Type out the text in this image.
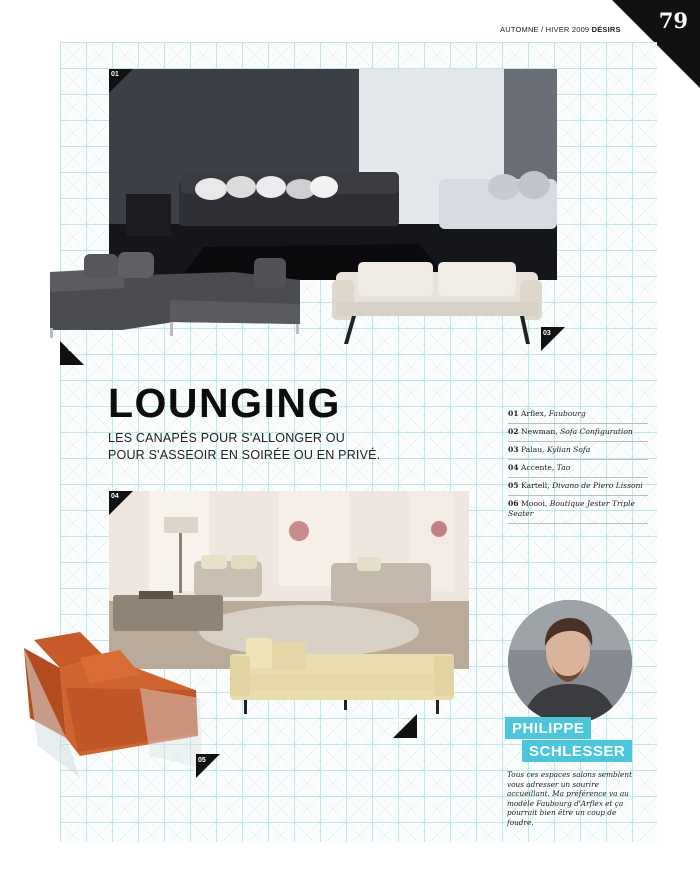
AUTOMNE / HIVER 2009 DÉSIRS 79
01
02
03
LOUNGING
LES CANAPÉS POUR S'ALLONGER OU
POUR S'ASSEOIR EN SOIRÉE OU EN PRIVÉ.
01 Arflex, Faubourg
02 Newman, Sofa Configuration
03 Palau, Kylian Sofa
04 Accente, Tao
05 Kartell, Divano de Piero Lissoni
06 Moooi, Boutique Jester Triple Seater
04
05
06	PHILIPPE
SCHLESSER
Tous ces espaces salons semblent vous adresser un sourire accueillant. Ma préférence va au modèle Faubourg d'Arflex et ça pourrait bien être un coup de foudre.
